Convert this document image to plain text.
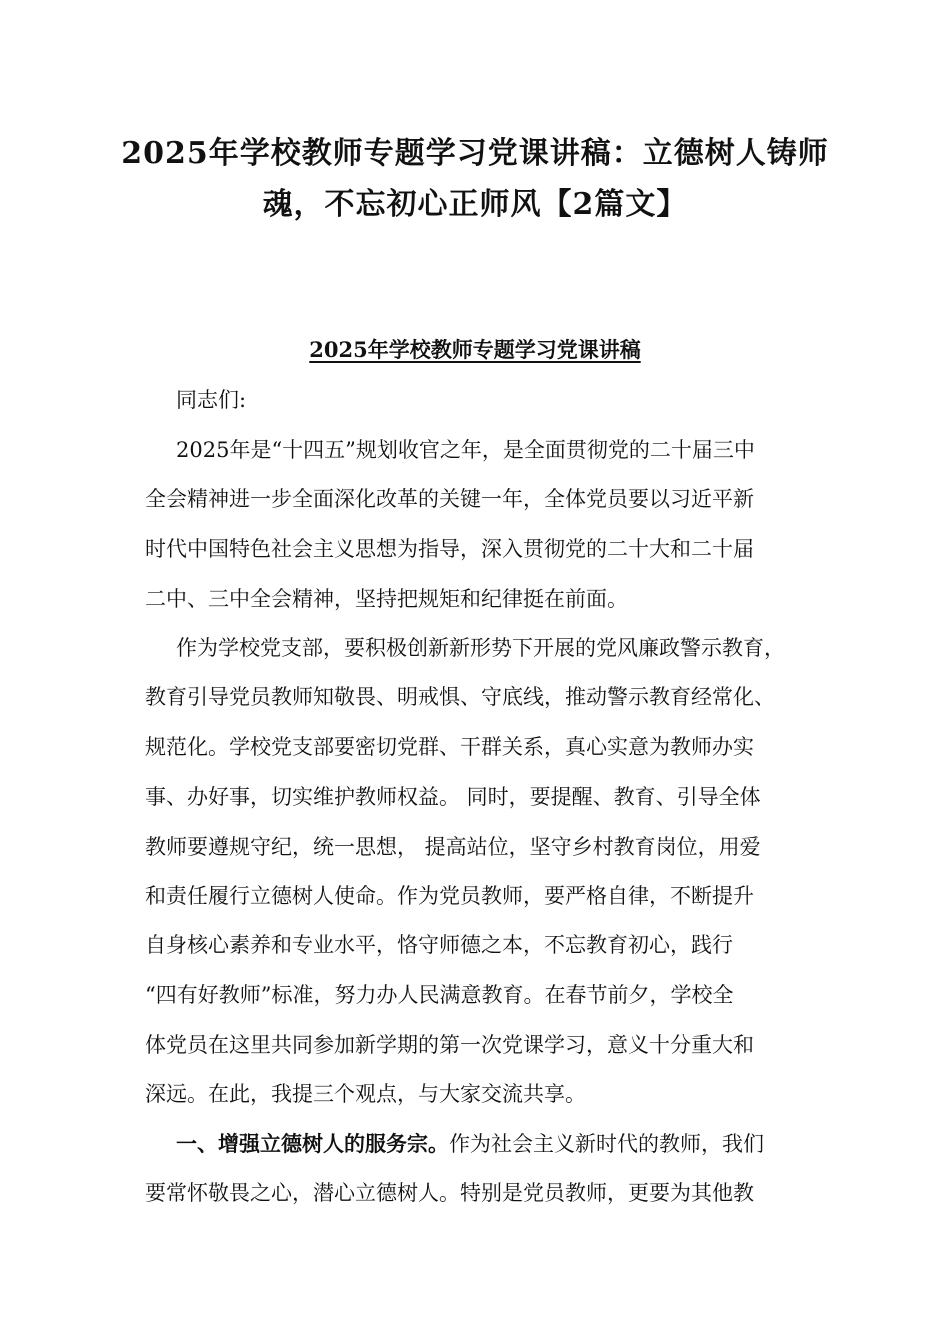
2025年学校教师专题学习党课讲稿：立德树人铸师
魂，不忘初心正师风【2篇文】
2025年学校教师专题学习党课讲稿

同志们:

2025年是“十四五”规划收官之年，是全面贯彻党的二十届三中

全会精神进一步全面深化改革的关键一年，全体党员要以习近平新

时代中国特色社会主义思想为指导，深入贯彻党的二十大和二十届

二中、三中全会精神，坚持把规矩和纪律挺在前面。

作为学校党支部，要积极创新新形势下开展的党风廉政警示教育，

教育引导党员教师知敬畏、明戒惧、守底线，推动警示教育经常化、

规范化。学校党支部要密切党群、干群关系，真心实意为教师办实

事、办好事，切实维护教师权益。 同时，要提醒、教育、引导全体

教师要遵规守纪，统一思想， 提高站位，坚守乡村教育岗位，用爱

和责任履行立德树人使命。作为党员教师，要严格自律，不断提升

自身核心素养和专业水平，恪守师德之本，不忘教育初心，践行

“四有好教师”标准，努力办人民满意教育。在春节前夕，学校全

体党员在这里共同参加新学期的第一次党课学习，意义十分重大和

深远。在此，我提三个观点，与大家交流共享。

一、增强立德树人的服务宗。作为社会主义新时代的教师，我们

要常怀敬畏之心，潜心立德树人。特别是党员教师，更要为其他教
